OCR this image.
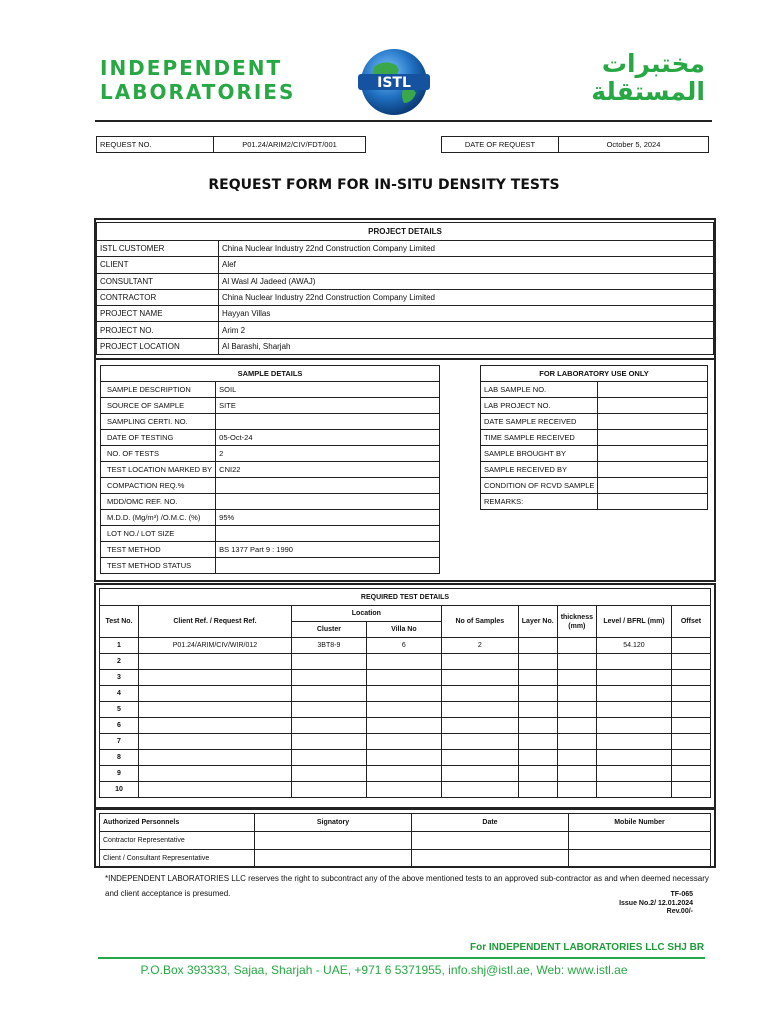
INDEPENDENT
LABORATORIES	ISTL
مختبرات
المستقلة
REQUEST NO.	P01.24/ARIM2/CIV/FDT/001	DATE OF REQUEST	October 5, 2024
REQUEST FORM FOR IN-SITU DENSITY TESTS
PROJECT DETAILS	
ISTL CUSTOMER	China Nuclear Industry 22nd Construction Company Limited
CLIENT	Alef
CONSULTANT	Al Wasl Al Jadeed (AWAJ)
CONTRACTOR	China Nuclear Industry 22nd Construction Company Limited
PROJECT NAME	Hayyan Villas
PROJECT NO.	Arim 2
PROJECT LOCATION	Al Barashi, Sharjah
SAMPLE DETAILS	
SAMPLE DESCRIPTION	SOIL
SOURCE OF SAMPLE	SITE
SAMPLING CERTI. NO.	
DATE OF TESTING	05-Oct-24
NO. OF TESTS	2
TEST LOCATION MARKED BY	CNI22
COMPACTION REQ.%	
MDD/OMC REF. NO.	
M.D.D. (Mg/m³) /O.M.C. (%)	95%
LOT NO./ LOT SIZE	
TEST METHOD	BS 1377 Part 9 : 1990
TEST METHOD STATUS	
FOR LABORATORY USE ONLY	
LAB SAMPLE NO.	
LAB PROJECT NO.	
DATE SAMPLE RECEIVED	
TIME SAMPLE RECEIVED	
SAMPLE BROUGHT BY	
SAMPLE RECEIVED BY	
CONDITION OF RCVD SAMPLE	
REMARKS:	
REQUIRED TEST DETAILS								
Test No.	Client Ref. / Request Ref.	Location		No of Samples	Layer No.	thickness (mm)	Level / BFRL (mm)	Offset
		Cluster	Villa No					
1	P01.24/ARIM/CIV/WIR/012	3BT8-9	6	2			54.120	
2								
3								
4								
5								
6								
7								
8								
9								
10								
Authorized Personnels	Signatory	Date	Mobile Number
Contractor Representative			
Client / Consultant Representative			
*INDEPENDENT LABORATORIES LLC reserves the right to subcontract any of the above mentioned tests to an approved sub-contractor as and when deemed necessary and client acceptance is presumed.	TF-065
Issue No.2/ 12.01.2024
Rev.00/-
For INDEPENDENT LABORATORIES LLC SHJ BR
P.O.Box 393333, Sajaa, Sharjah - UAE, +971 6 5371955, info.shj@istl.ae, Web: www.istl.ae
